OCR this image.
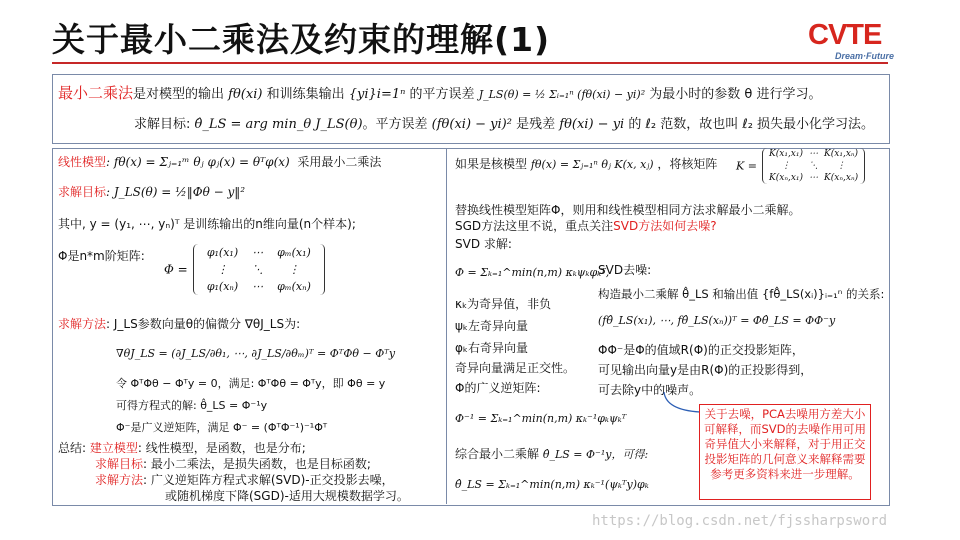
关于最小二乘法及约束的理解(1)	CVTE
Dream·Future
最小二乘法是对模型的输出 fθ(xi) 和训练集输出 {yi}i=1ⁿ 的平方误差 J_LS(θ) = ½ Σᵢ₌₁ⁿ (fθ(xi) − yi)² 为最小时的参数 θ 进行学习。
求解目标: θ̂_LS = arg min_θ J_LS(θ)。平方误差 (fθ(xi) − yi)² 是残差 fθ(xi) − yi 的 ℓ₂ 范数，故也叫 ℓ₂ 损失最小化学习法。
线性模型: fθ(x) = Σⱼ₌₁ᵐ θⱼ φⱼ(x) = θᵀφ(x) 采用最小二乘法
求解目标: J_LS(θ) = ½‖Φθ − y‖²
其中, y = (y₁, ⋯, yₙ)ᵀ 是训练输出的n维向量(n个样本);
Φ是n*m阶矩阵:
Φ =
φ₁(x₁)	⋯	φₘ(x₁)
⋮	⋱	⋮
φ₁(xₙ)	⋯	φₘ(xₙ)
求解方法: J_LS参数向量θ的偏微分 ∇θJ_LS为:
∇θJ_LS = (∂J_LS/∂θ₁, ⋯, ∂J_LS/∂θₘ)ᵀ = ΦᵀΦθ − Φᵀy
令 ΦᵀΦθ − Φᵀy = 0，满足: ΦᵀΦθ = Φᵀy，即 Φθ = y
可得方程式的解: θ̂_LS = Φ⁻¹y
Φ⁻是广义逆矩阵，满足 Φ⁻ = (ΦᵀΦ⁻¹)⁻¹Φᵀ
总结: 建立模型: 线性模型，是函数，也是分布;
求解目标: 最小二乘法，是损失函数，也是目标函数;
求解方法: 广义逆矩阵方程式求解(SVD)-正交投影去噪，
或随机梯度下降(SGD)-适用大规模数据学习。
如果是核模型 fθ(x) = Σⱼ₌₁ⁿ θⱼ K(x, xⱼ) ，将核矩阵 K =
K(x₁,x₁)	⋯	K(x₁,xₙ)
⋮	⋱	⋮
K(xₙ,x₁)	⋯	K(xₙ,xₙ)
替换线性模型矩阵Φ，则用和线性模型相同方法求解最小二乘解。
SGD方法这里不说，重点关注SVD方法如何去噪?
SVD 求解:
Φ = Σₖ₌₁^min(n,m) κₖψₖφₖᵀ,
κₖ为奇异值，非负
ψₖ左奇异向量
φₖ右奇异向量
奇异向量满足正交性。
Φ的广义逆矩阵:
Φ⁻¹ = Σₖ₌₁^min(n,m) κₖ⁻¹φₖψₖᵀ
综合最小二乘解 θ̂_LS = Φ⁻¹y，可得:
θ̂_LS = Σₖ₌₁^min(n,m) κₖ⁻¹(ψₖᵀy)φₖ
SVD去噪:
构造最小二乘解 θ̂_LS 和输出值 {fθ̂_LS(xᵢ)}ᵢ₌₁ⁿ 的关系:
(fθ̂_LS(x₁), ⋯, fθ̂_LS(xₙ))ᵀ = Φθ̂_LS = ΦΦ⁻y
ΦΦ⁻是Φ的值域R(Φ)的正交投影矩阵，
可见输出向量y是由R(Φ)的正投影得到，
可去除y中的噪声。
关于去噪，PCA去噪用方差大小可解释，而SVD的去噪作用可用奇异值大小来解释，对于用正交投影矩阵的几何意义来解释需要参考更多资料来进一步理解。
https://blog.csdn.net/fjssharpsword
